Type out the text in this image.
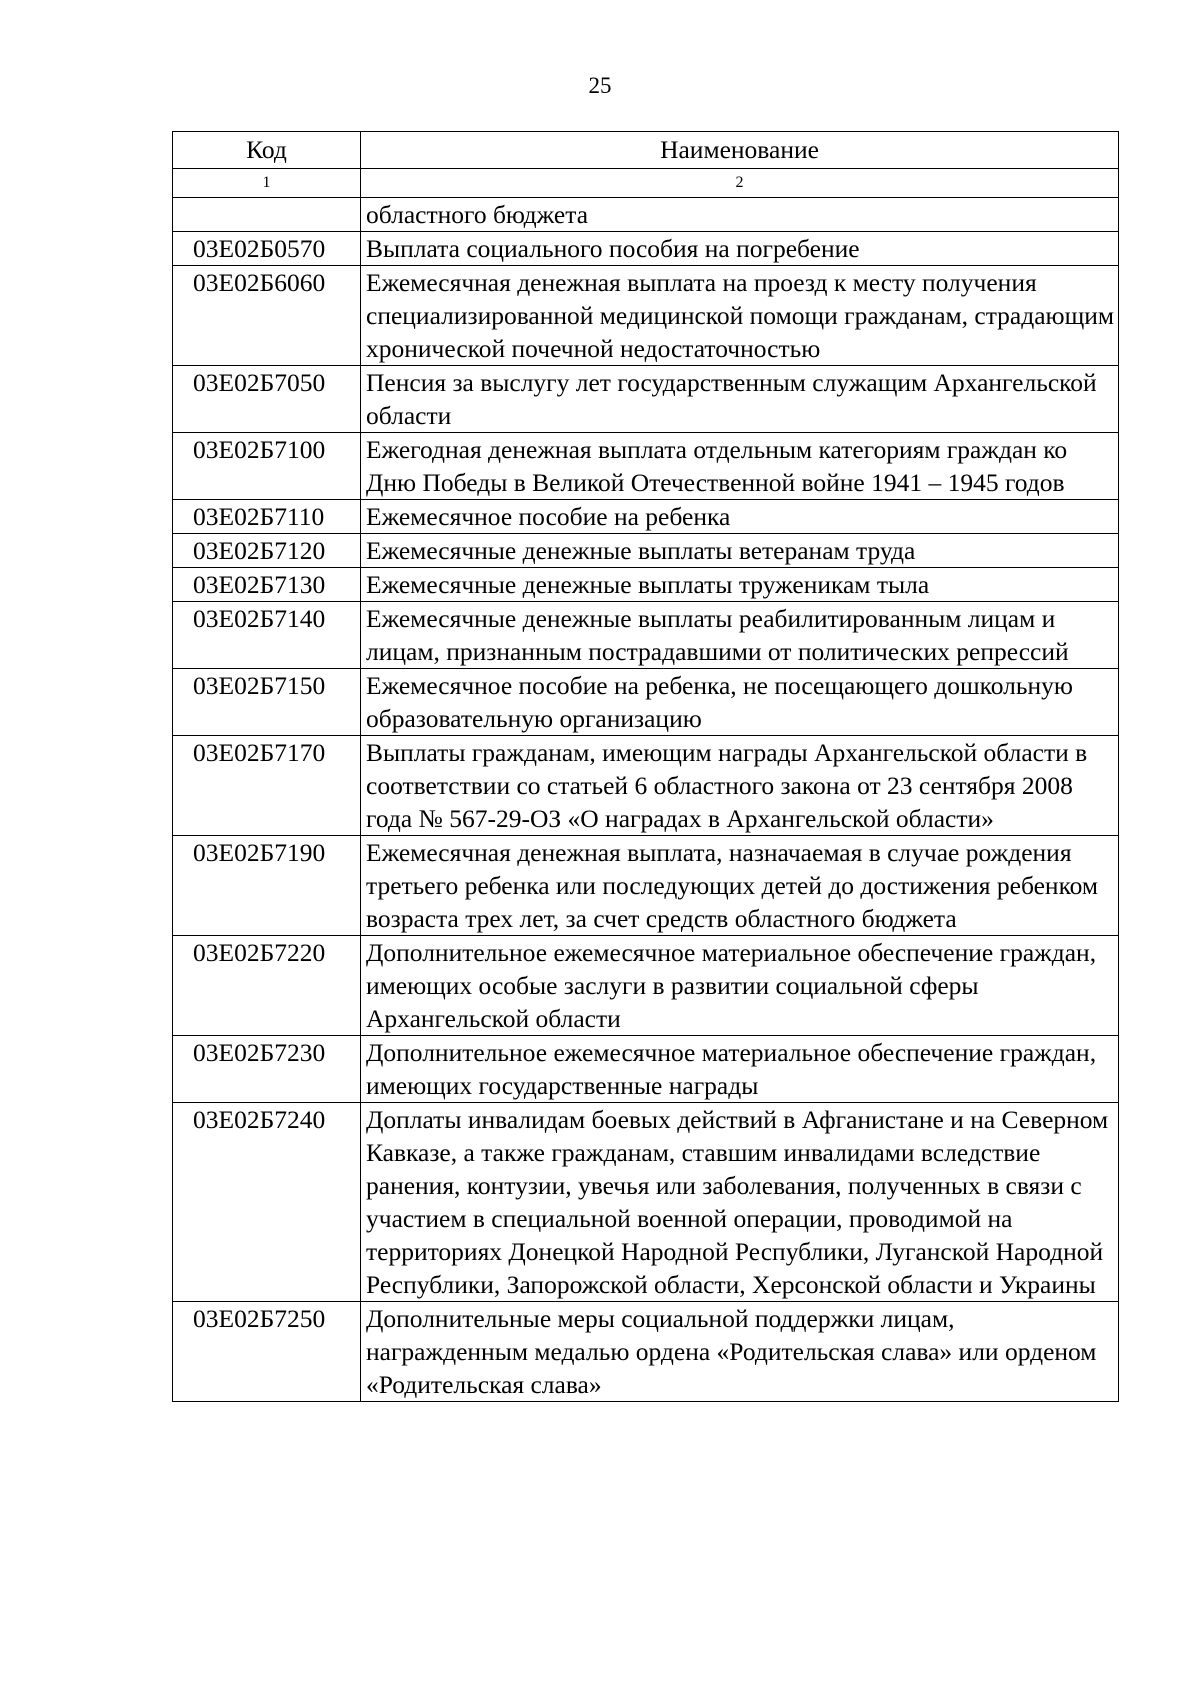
25
Код	Наименование
1	2
	областного бюджета
03Е02Б0570	Выплата социального пособия на погребение
03Е02Б6060	Ежемесячная денежная выплата на проезд к месту получения специализированной медицинской помощи гражданам, страдающим хронической почечной недостаточностью
03Е02Б7050	Пенсия за выслугу лет государственным служащим Архангельской области
03Е02Б7100	Ежегодная денежная выплата отдельным категориям граждан ко Дню Победы в Великой Отечественной войне 1941 – 1945 годов
03Е02Б7110	Ежемесячное пособие на ребенка
03Е02Б7120	Ежемесячные денежные выплаты ветеранам труда
03Е02Б7130	Ежемесячные денежные выплаты труженикам тыла
03Е02Б7140	Ежемесячные денежные выплаты реабилитированным лицам и лицам, признанным пострадавшими от политических репрессий
03Е02Б7150	Ежемесячное пособие на ребенка, не посещающего дошкольную образовательную организацию
03Е02Б7170	Выплаты гражданам, имеющим награды Архангельской области в соответствии со статьей 6 областного закона от 23 сентября 2008 года № 567-29-ОЗ «О наградах в Архангельской области»
03Е02Б7190	Ежемесячная денежная выплата, назначаемая в случае рождения третьего ребенка или последующих детей до достижения ребенком возраста трех лет, за счет средств областного бюджета
03Е02Б7220	Дополнительное ежемесячное материальное обеспечение граждан, имеющих особые заслуги в развитии социальной сферы Архангельской области
03Е02Б7230	Дополнительное ежемесячное материальное обеспечение граждан, имеющих государственные награды
03Е02Б7240	Доплаты инвалидам боевых действий в Афганистане и на Северном Кавказе, а также гражданам, ставшим инвалидами вследствие ранения, контузии, увечья или заболевания, полученных в связи с участием в специальной военной операции, проводимой на территориях Донецкой Народной Республики, Луганской Народной Республики, Запорожской области, Херсонской области и Украины
03Е02Б7250	Дополнительные меры социальной поддержки лицам, награжденным медалью ордена «Родительская слава» или орденом «Родительская слава»
